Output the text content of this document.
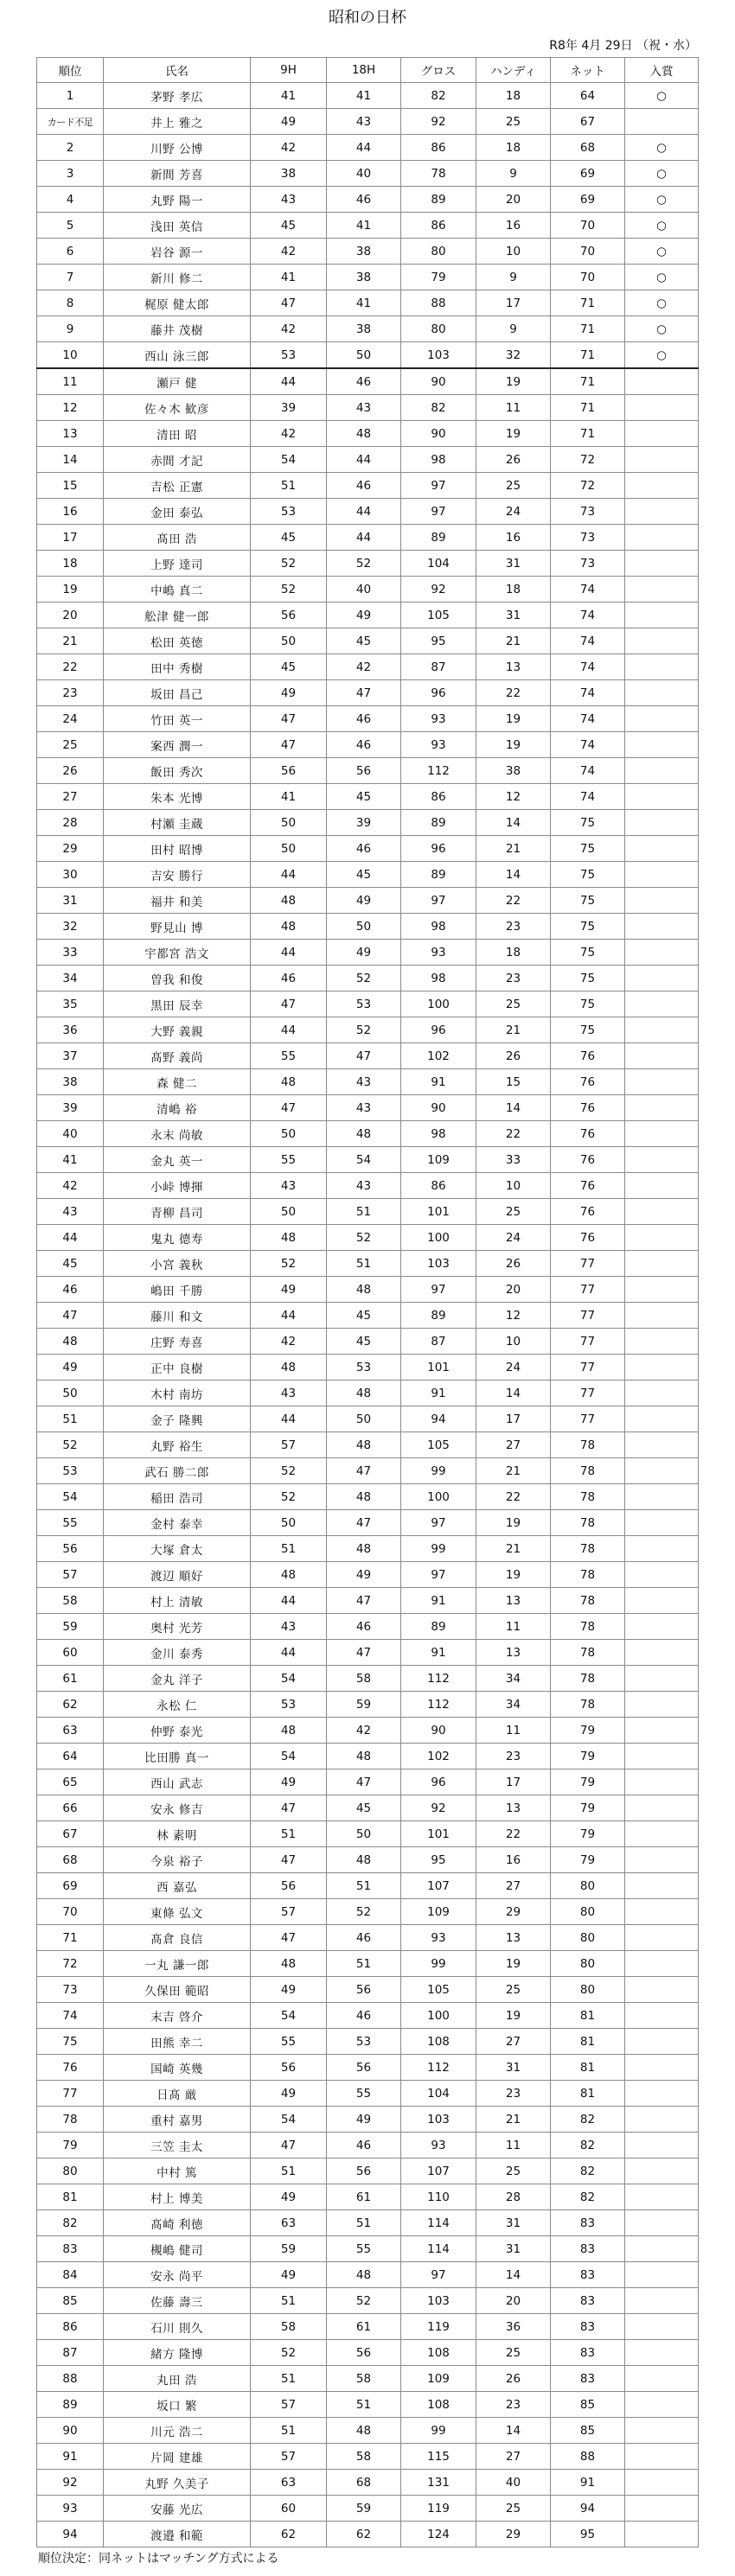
昭和の日杯
R8年 4月 29日 （祝・水）
順位	氏名	9H	18H	グロス	ハンディ	ネット	入賞
1	茅野 孝広	41	41	82	18	64	○
カード不足	井上 雅之	49	43	92	25	67	
2	川野 公博	42	44	86	18	68	○
3	新間 芳喜	38	40	78	9	69	○
4	丸野 陽一	43	46	89	20	69	○
5	浅田 英信	45	41	86	16	70	○
6	岩谷 源一	42	38	80	10	70	○
7	新川 修二	41	38	79	9	70	○
8	梶原 健太郎	47	41	88	17	71	○
9	藤井 茂樹	42	38	80	9	71	○
10	西山 泳三郎	53	50	103	32	71	○
11	瀬戸 健	44	46	90	19	71	
12	佐々木 歓彦	39	43	82	11	71	
13	清田 昭	42	48	90	19	71	
14	赤間 才記	54	44	98	26	72	
15	吉松 正憲	51	46	97	25	72	
16	金田 泰弘	53	44	97	24	73	
17	髙田 浩	45	44	89	16	73	
18	上野 達司	52	52	104	31	73	
19	中嶋 真二	52	40	92	18	74	
20	舩津 健一郎	56	49	105	31	74	
21	松田 英徳	50	45	95	21	74	
22	田中 秀樹	45	42	87	13	74	
23	坂田 昌己	49	47	96	22	74	
24	竹田 英一	47	46	93	19	74	
25	案西 潤一	47	46	93	19	74	
26	飯田 秀次	56	56	112	38	74	
27	朱本 光博	41	45	86	12	74	
28	村瀬 圭蔵	50	39	89	14	75	
29	田村 昭博	50	46	96	21	75	
30	吉安 勝行	44	45	89	14	75	
31	福井 和美	48	49	97	22	75	
32	野見山 博	48	50	98	23	75	
33	宇都宮 浩文	44	49	93	18	75	
34	曽我 和俊	46	52	98	23	75	
35	黒田 辰幸	47	53	100	25	75	
36	大野 義親	44	52	96	21	75	
37	髙野 義尚	55	47	102	26	76	
38	森 健二	48	43	91	15	76	
39	清嶋 裕	47	43	90	14	76	
40	永末 尚敏	50	48	98	22	76	
41	金丸 英一	55	54	109	33	76	
42	小峠 博揮	43	43	86	10	76	
43	青柳 昌司	50	51	101	25	76	
44	鬼丸 德寿	48	52	100	24	76	
45	小宮 義秋	52	51	103	26	77	
46	嶋田 千勝	49	48	97	20	77	
47	藤川 和文	44	45	89	12	77	
48	庄野 寿喜	42	45	87	10	77	
49	正中 良樹	48	53	101	24	77	
50	木村 南坊	43	48	91	14	77	
51	金子 隆興	44	50	94	17	77	
52	丸野 裕生	57	48	105	27	78	
53	武石 勝二郎	52	47	99	21	78	
54	稲田 浩司	52	48	100	22	78	
55	金村 泰幸	50	47	97	19	78	
56	大塚 倉太	51	48	99	21	78	
57	渡辺 順好	48	49	97	19	78	
58	村上 清敏	44	47	91	13	78	
59	奥村 光芳	43	46	89	11	78	
60	金川 泰秀	44	47	91	13	78	
61	金丸 洋子	54	58	112	34	78	
62	永松 仁	53	59	112	34	78	
63	仲野 泰光	48	42	90	11	79	
64	比田勝 真一	54	48	102	23	79	
65	西山 武志	49	47	96	17	79	
66	安永 修吉	47	45	92	13	79	
67	林 素明	51	50	101	22	79	
68	今泉 裕子	47	48	95	16	79	
69	西 嘉弘	56	51	107	27	80	
70	東條 弘文	57	52	109	29	80	
71	髙倉 良信	47	46	93	13	80	
72	一丸 謙一郎	48	51	99	19	80	
73	久保田 範昭	49	56	105	25	80	
74	末吉 啓介	54	46	100	19	81	
75	田熊 幸二	55	53	108	27	81	
76	国崎 英幾	56	56	112	31	81	
77	日髙 厳	49	55	104	23	81	
78	重村 嘉男	54	49	103	21	82	
79	三笠 圭太	47	46	93	11	82	
80	中村 篤	51	56	107	25	82	
81	村上 博美	49	61	110	28	82	
82	髙崎 利徳	63	51	114	31	83	
83	槻嶋 健司	59	55	114	31	83	
84	安永 尚平	49	48	97	14	83	
85	佐藤 壽三	51	52	103	20	83	
86	石川 則久	58	61	119	36	83	
87	緒方 隆博	52	56	108	25	83	
88	丸田 浩	51	58	109	26	83	
89	坂口 繁	57	51	108	23	85	
90	川元 浩二	51	48	99	14	85	
91	片岡 建雄	57	58	115	27	88	
92	丸野 久美子	63	68	131	40	91	
93	安藤 光広	60	59	119	25	94	
94	渡邉 和範	62	62	124	29	95	
順位決定：同ネットはマッチング方式による
